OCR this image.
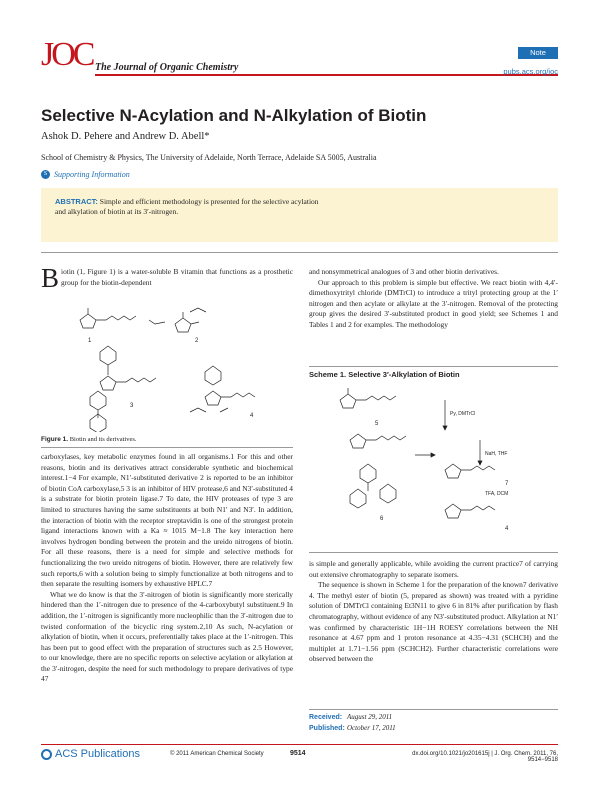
JOC The Journal of Organic Chemistry
Note
pubs.acs.org/joc
Selective N-Acylation and N-Alkylation of Biotin
Ashok D. Pehere and Andrew D. Abell*
School of Chemistry & Physics, The University of Adelaide, North Terrace, Adelaide SA 5005, Australia
S Supporting Information
ABSTRACT: Simple and efficient methodology is presented for the selective acylation and alkylation of biotin at its 3′-nitrogen.
Biotin (1, Figure 1) is a water-soluble B vitamin that functions as a prosthetic group for the biotin-dependent
1	2
3
4
Figure 1. Biotin and its derivatives.

carboxylases, key metabolic enzymes found in all organisms.1 For this and other reasons, biotin and its derivatives attract considerable synthetic and biochemical interest.1−4 For example, N1′-substituted derivative 2 is reported to be an inhibitor of biotin CoA carboxylase,5 3 is an inhibitor of HIV protease,6 and N3′-substituted 4 is a substrate for biotin protein ligase.7 To date, the HIV proteases of type 3 are limited to structures having the same substituents at both N1′ and N3′. In addition, the interaction of biotin with the receptor streptavidin is one of the strongest protein ligand interactions known with a Ka ≈ 1015 M−1.8 The key interaction here involves hydrogen bonding between the protein and the ureido nitrogens of biotin. For all these reasons, there is a need for simple and selective methods for functionalizing the two ureido nitrogens of biotin. However, there are relatively few such reports,6 with a solution being to simply functionalize at both nitrogens and to then separate the resulting isomers by exhaustive HPLC.7

What we do know is that the 3′-nitrogen of biotin is significantly more sterically hindered than the 1′-nitrogen due to presence of the 4-carboxybutyl substituent.9 In addition, the 1′-nitrogen is significantly more nucleophilic than the 3′-nitrogen due to twisted conformation of the bicyclic ring system.2,10 As such, N-acylation or alkylation of biotin, when it occurs, preferentially takes place at the 1′-nitrogen. This has been put to good effect with the preparation of structures such as 2.5 However, to our knowledge, there are no specific reports on selective acylation or alkylation at the 3′-nitrogen, despite the need for such methodology to prepare derivatives of type 47

and nonsymmetrical analogues of 3 and other biotin derivatives.

Our approach to this problem is simple but effective. We react biotin with 4,4′-dimethoxytrityl chloride (DMTrCl) to introduce a trityl protecting group at the 1′ nitrogen and then acylate or alkylate at the 3′-nitrogen. Removal of the protecting group gives the desired 3′-substituted product in good yield; see Schemes 1 and Tables 1 and 2 for examples. The methodology

Scheme 1. Selective 3′-Alkylation of Biotin
Py, DMTrCl
NaH, THF
TFA, DCM
5
6
7
4

is simple and generally applicable, while avoiding the current practice7 of carrying out extensive chromatography to separate isomers.

The sequence is shown in Scheme 1 for the preparation of the known7 derivative 4. The methyl ester of biotin (5, prepared as shown) was treated with a pyridine solution of DMTrCl containing Et3N11 to give 6 in 81% after purification by flash chromatography, without evidence of any N3′-substituted product. Alkylation at N1′ was confirmed by characteristic 1H−1H ROESY correlations between the NH resonance at 4.67 ppm and 1 proton resonance at 4.35−4.31 (SCHCH) and the multiplet at 1.71−1.56 ppm (SCHCH2). Further characteristic correlations were observed between the

Received: August 29, 2011
Published: October 17, 2011
ACS Publications	© 2011 American Chemical Society	9514	dx.doi.org/10.1021/jo201615j | J. Org. Chem. 2011, 76, 9514−9518
